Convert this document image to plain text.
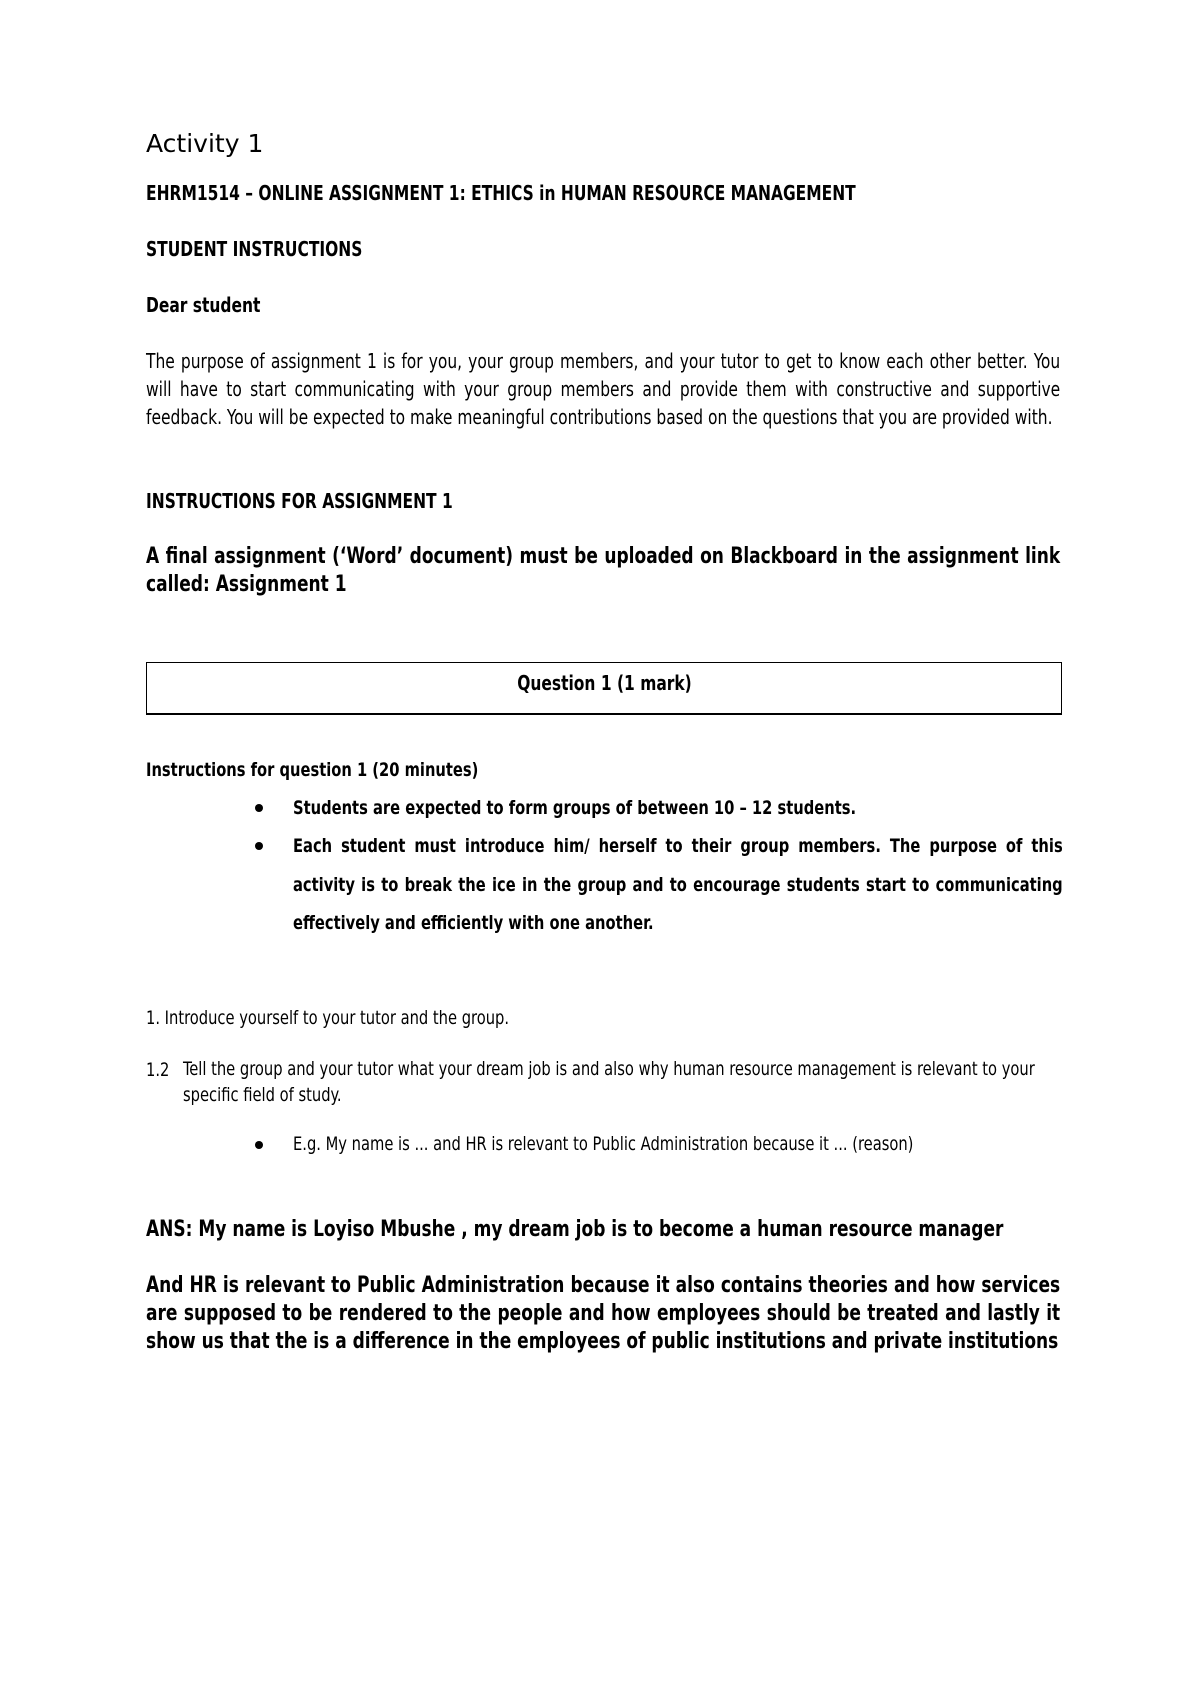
Activity 1
EHRM1514 – ONLINE ASSIGNMENT 1: ETHICS in HUMAN RESOURCE MANAGEMENT
STUDENT INSTRUCTIONS
Dear student
The purpose of assignment 1 is for you, your group members, and your tutor to get to know each other better. You will have to start communicating with your group members and provide them with constructive and supportive feedback. You will be expected to make meaningful contributions based on the questions that you are provided with.
INSTRUCTIONS FOR ASSIGNMENT 1
A final assignment (‘Word’ document) must be uploaded on Blackboard in the assignment link called: Assignment 1
Question 1 (1 mark)
Instructions for question 1 (20 minutes)
Students are expected to form groups of between 10 – 12 students.
Each student must introduce him/ herself to their group members. The purpose of this activity is to break the ice in the group and to encourage students start to communicating effectively and efficiently with one another.
1. Introduce yourself to your tutor and the group.
1.2 Tell the group and your tutor what your dream job is and also why human resource management is relevant to your specific field of study.
E.g. My name is ... and HR is relevant to Public Administration because it ... (reason)
ANS: My name is Loyiso Mbushe , my dream job is to become a human resource manager
And HR is relevant to Public Administration because it also contains theories and how services are supposed to be rendered to the people and how employees should be treated and lastly it show us that the is a difference in the employees of public institutions and private institutions
